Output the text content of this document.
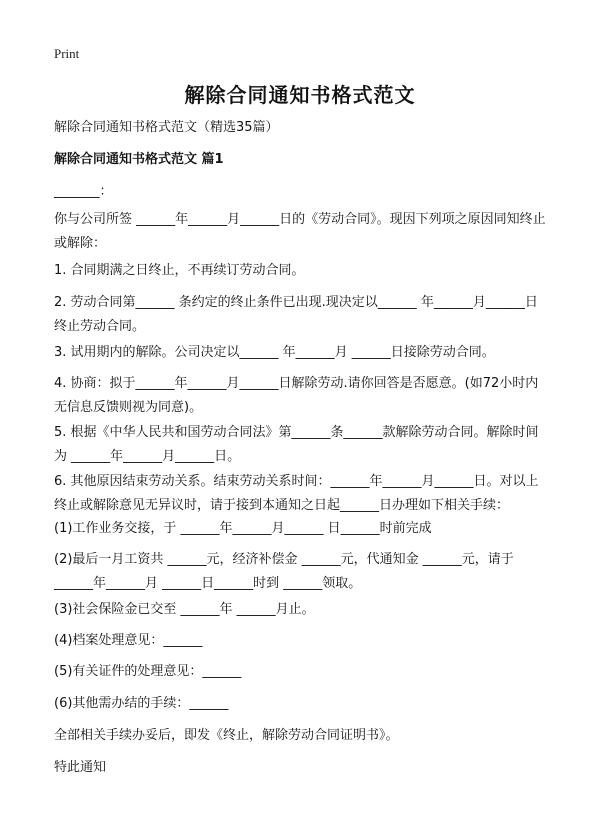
Print
解除合同通知书格式范文
解除合同通知书格式范文（精选35篇）
解除合同通知书格式范文 篇1
_______：
你与公司所签 ______年______月______日的《劳动合同》。现因下列项之原因同知终止或解除：
1. 合同期满之日终止，不再续订劳动合同。
2. 劳动合同第______ 条约定的终止条件已出现.现决定以______ 年______月______日终止劳动合同。
3. 试用期内的解除。公司决定以______ 年______月 ______日接除劳动合同。
4. 协商：拟于______年______月______日解除劳动.请你回答是否愿意。(如72小时内无信息反馈则视为同意)。
5. 根据《中华人民共和国劳动合同法》第______条______款解除劳动合同。解除时间为 ______年______月______日。
6. 其他原因结束劳动关系。结束劳动关系时间：______年______月______日。对以上终止或解除意见无异议时，请于接到本通知之日起______日办理如下相关手续：
(1)工作业务交接，于 ______年______月______ 日______时前完成
(2)最后一月工资共 ______元，经济补偿金 ______元，代通知金 ______元，请于______年______月 ______日______时到 ______领取。
(3)社会保险金已交至 ______年 ______月止。
(4)档案处理意见：______
(5)有关证件的处理意见：______
(6)其他需办结的手续：______
全部相关手续办妥后，即发《终止，解除劳动合同证明书》。
特此通知
